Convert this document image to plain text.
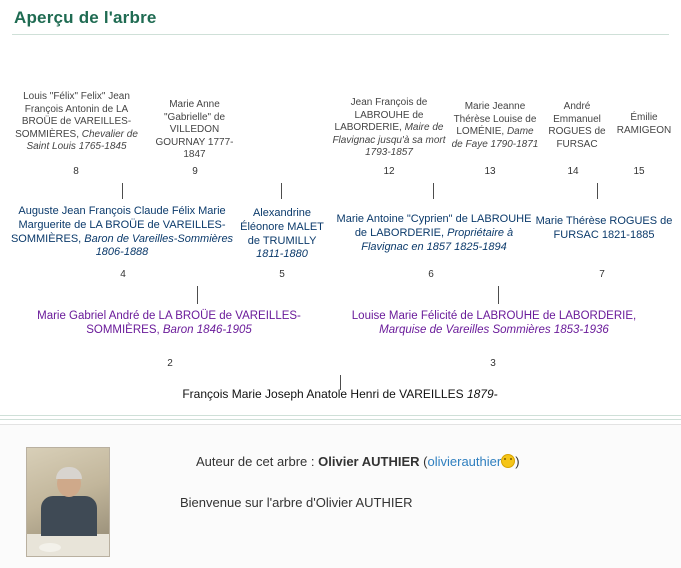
Aperçu de l'arbre
Louis "Félix" Felix" Jean François Antonin de LA BROÜE de VAREILLES-SOMMIÈRES, Chevalier de Saint Louis 1765-1845
8
Marie Anne "Gabrielle" de VILLEDON GOURNAY 1777-1847
9
Jean François de LABROUHE de LABORDERIE, Maire de Flavignac jusqu'à sa mort 1793-1857
12	13
Marie Jeanne Thérèse Louise de LOMÉNIE, Dame de Faye 1790-1871
André Emmanuel ROGUES de FURSAC
14
Émilie RAMIGEON
15
Auguste Jean François Claude Félix Marie Marguerite de LA BROÜE de VAREILLES-SOMMIÈRES, Baron de Vareilles-Sommières 1806-1888
4
Alexandrine Éléonore MALET de TRUMILLY 1811-1880
5
Marie Antoine "Cyprien" de LABROUHE de LABORDERIE, Propriétaire à Flavignac en 1857 1825-1894
6
Marie Thérèse ROGUES de FURSAC 1821-1885
7
Marie Gabriel André de LA BROÜE de VAREILLES-SOMMIÈRES, Baron 1846-1905
2
Louise Marie Félicité de LABROUHE de LABORDERIE, Marquise de Vareilles Sommières 1853-1936
3
François Marie Joseph Anatole Henri de VAREILLES 1879-
Auteur de cet arbre : Olivier AUTHIER (olivierauthier )
Bienvenue sur l'arbre d'Olivier AUTHIER
